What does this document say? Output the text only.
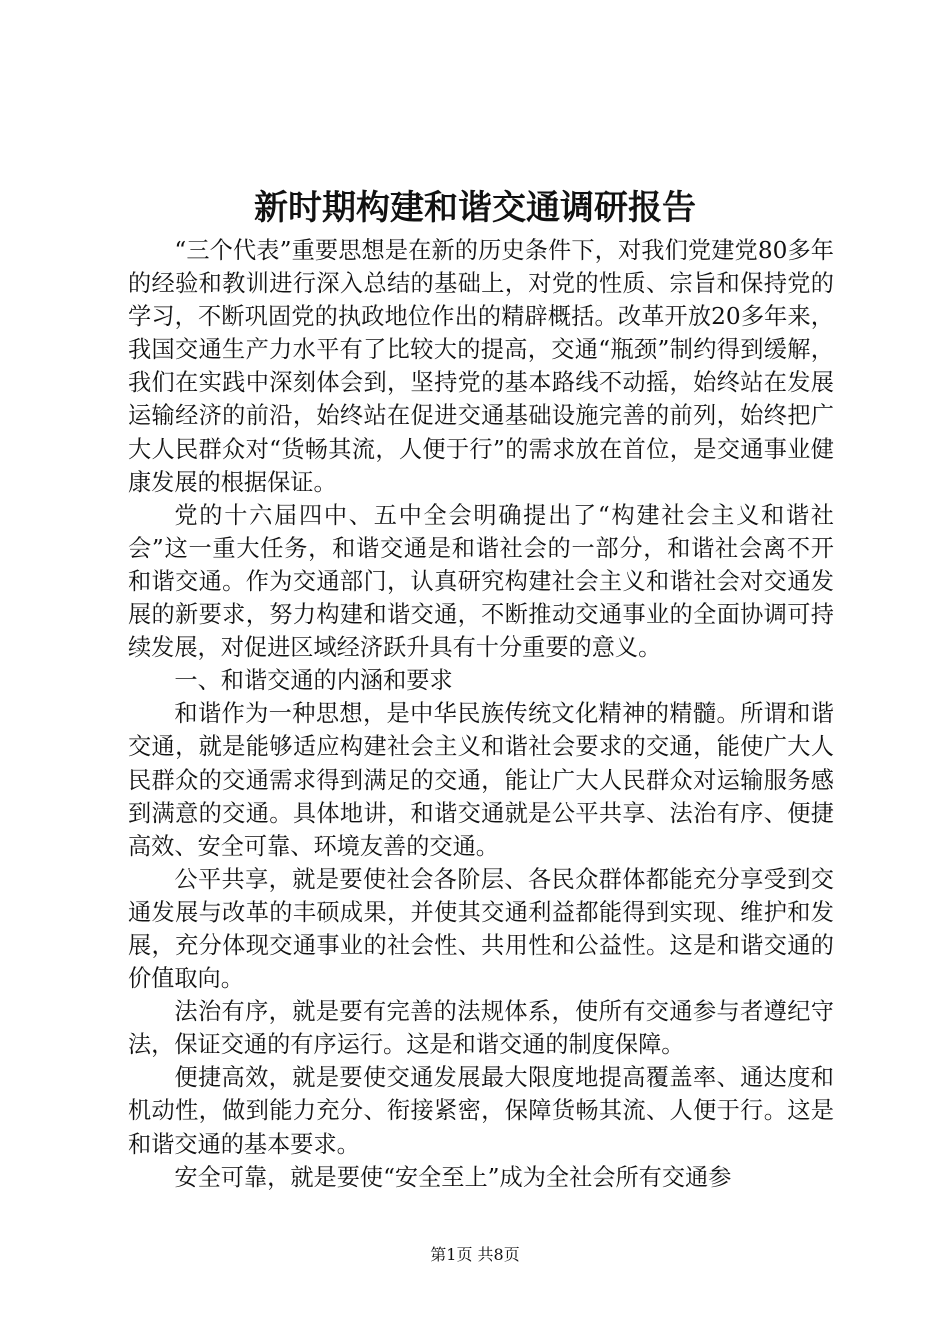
新时期构建和谐交通调研报告

“三个代表”重要思想是在新的历史条件下，对我们党建党80多年的经验和教训进行深入总结的基础上，对党的性质、宗旨和保持党的学习，不断巩固党的执政地位作出的精辟概括。改革开放20多年来，我国交通生产力水平有了比较大的提高，交通“瓶颈”制约得到缓解，我们在实践中深刻体会到，坚持党的基本路线不动摇，始终站在发展运输经济的前沿，始终站在促进交通基础设施完善的前列，始终把广大人民群众对“货畅其流，人便于行”的需求放在首位，是交通事业健康发展的根据保证。

党的十六届四中、五中全会明确提出了“构建社会主义和谐社会”这一重大任务，和谐交通是和谐社会的一部分，和谐社会离不开和谐交通。作为交通部门，认真研究构建社会主义和谐社会对交通发展的新要求，努力构建和谐交通，不断推动交通事业的全面协调可持续发展，对促进区域经济跃升具有十分重要的意义。

一、和谐交通的内涵和要求

和谐作为一种思想，是中华民族传统文化精神的精髓。所谓和谐交通，就是能够适应构建社会主义和谐社会要求的交通，能使广大人民群众的交通需求得到满足的交通，能让广大人民群众对运输服务感到满意的交通。具体地讲，和谐交通就是公平共享、法治有序、便捷高效、安全可靠、环境友善的交通。

公平共享，就是要使社会各阶层、各民众群体都能充分享受到交通发展与改革的丰硕成果，并使其交通利益都能得到实现、维护和发展，充分体现交通事业的社会性、共用性和公益性。这是和谐交通的价值取向。

法治有序，就是要有完善的法规体系，使所有交通参与者遵纪守法，保证交通的有序运行。这是和谐交通的制度保障。

便捷高效，就是要使交通发展最大限度地提高覆盖率、通达度和机动性，做到能力充分、衔接紧密，保障货畅其流、人便于行。这是和谐交通的基本要求。

安全可靠，就是要使“安全至上”成为全社会所有交通参

第1页 共8页
